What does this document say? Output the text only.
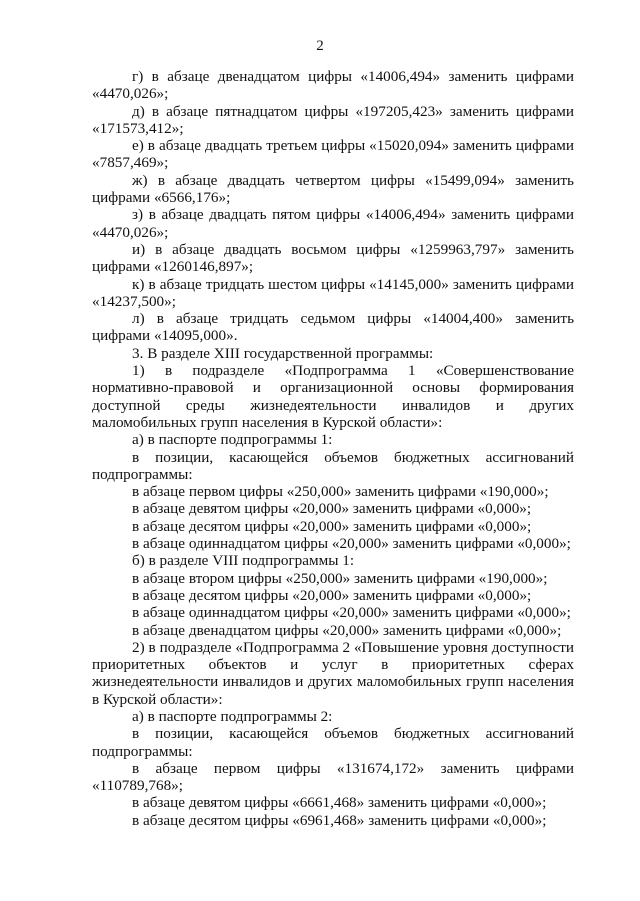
2

г) в абзаце двенадцатом цифры «14006,494» заменить цифрами «4470,026»;

д) в абзаце пятнадцатом цифры «197205,423» заменить цифрами «171573,412»;

е) в абзаце двадцать третьем цифры «15020,094» заменить цифрами «7857,469»;

ж) в абзаце двадцать четвертом цифры «15499,094» заменить цифрами «6566,176»;

з) в абзаце двадцать пятом цифры «14006,494» заменить цифрами «4470,026»;

и) в абзаце двадцать восьмом цифры «1259963,797» заменить цифрами «1260146,897»;

к) в абзаце тридцать шестом цифры «14145,000» заменить цифрами «14237,500»;

л) в абзаце тридцать седьмом цифры «14004,400» заменить цифрами «14095,000».

3. В разделе XIII государственной программы:

1) в подразделе «Подпрограмма 1 «Совершенствование нормативно-правовой и организационной основы формирования доступной среды жизнедеятельности инвалидов и других маломобильных групп населения в Курской области»:

а) в паспорте подпрограммы 1:

в позиции, касающейся объемов бюджетных ассигнований подпрограммы:

в абзаце первом цифры «250,000» заменить цифрами «190,000»;

в абзаце девятом цифры «20,000» заменить цифрами «0,000»;

в абзаце десятом цифры «20,000» заменить цифрами «0,000»;

в абзаце одиннадцатом цифры «20,000» заменить цифрами «0,000»;

б) в разделе VIII подпрограммы 1:

в абзаце втором цифры «250,000» заменить цифрами «190,000»;

в абзаце десятом цифры «20,000» заменить цифрами «0,000»;

в абзаце одиннадцатом цифры «20,000» заменить цифрами «0,000»;

в абзаце двенадцатом цифры «20,000» заменить цифрами «0,000»;

2) в подразделе «Подпрограмма 2 «Повышение уровня доступности приоритетных объектов и услуг в приоритетных сферах жизнедеятельности инвалидов и других маломобильных групп населения в Курской области»:

а) в паспорте подпрограммы 2:

в позиции, касающейся объемов бюджетных ассигнований подпрограммы:

в абзаце первом цифры «131674,172» заменить цифрами «110789,768»;

в абзаце девятом цифры «6661,468» заменить цифрами «0,000»;

в абзаце десятом цифры «6961,468» заменить цифрами «0,000»;
